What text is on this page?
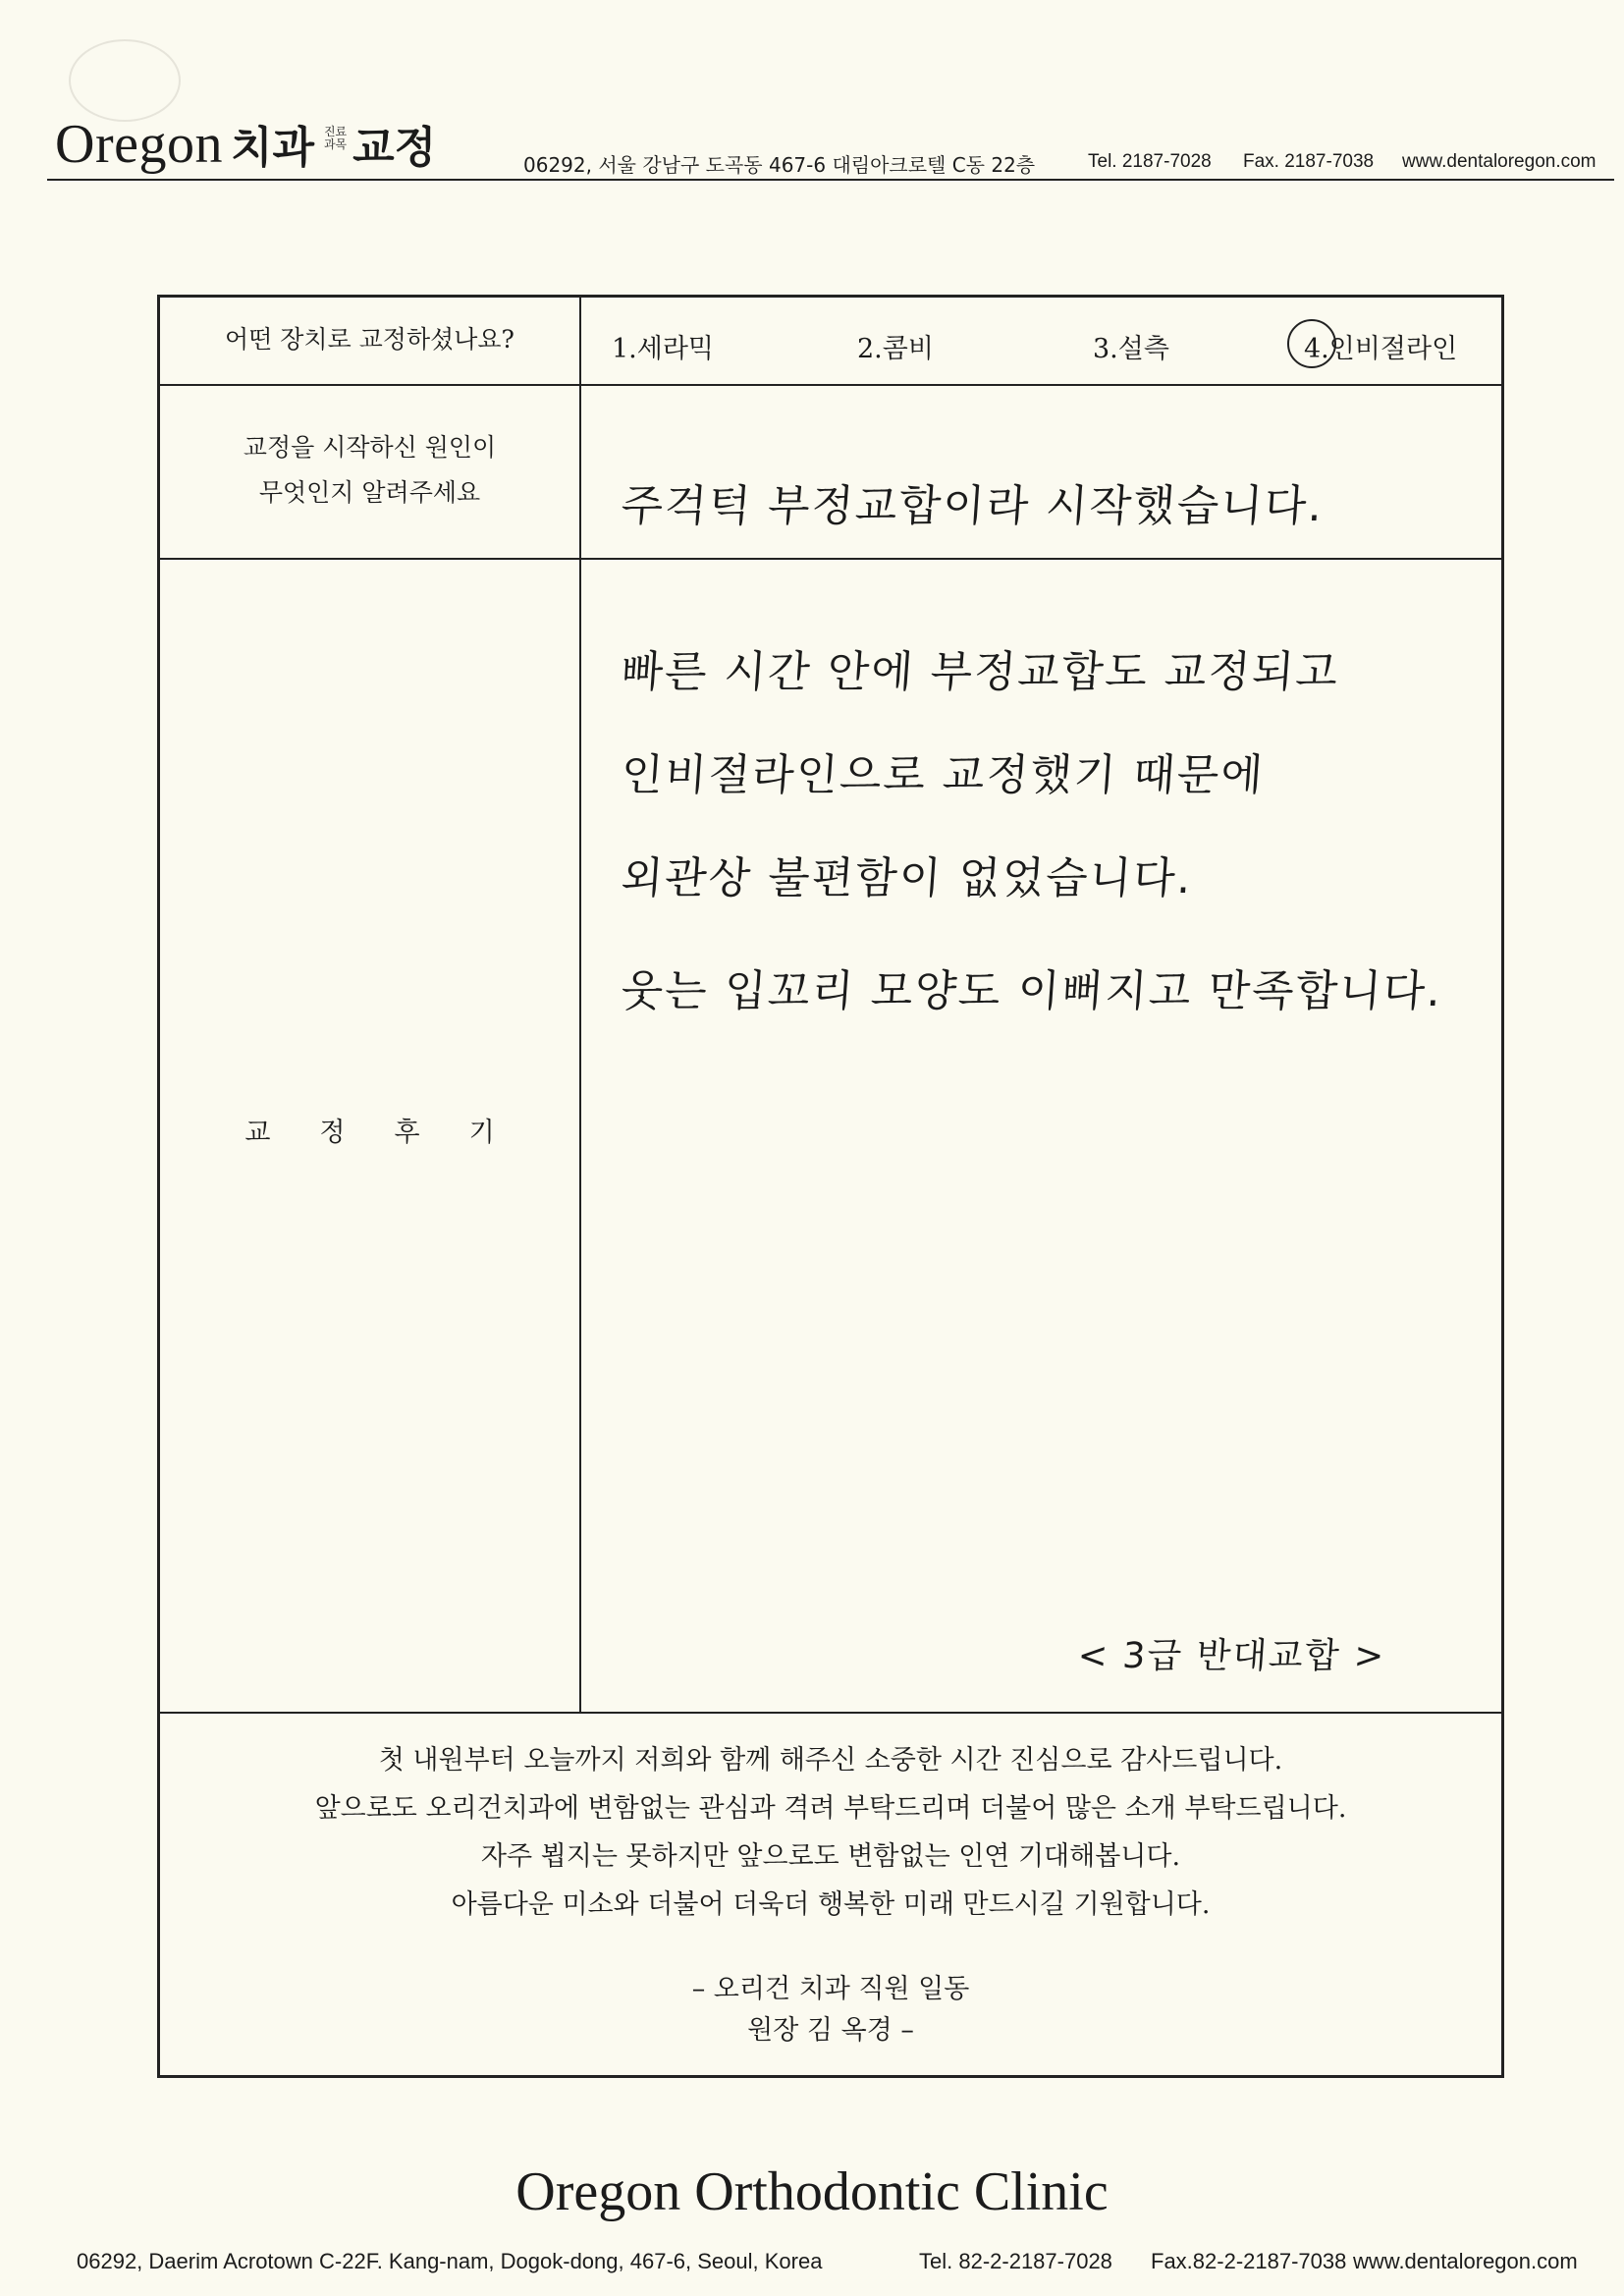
Oregon 치과 진료
과목 교정	06292, 서울 강남구 도곡동 467-6 대림아크로텔 C동 22층	Tel. 2187-7028 Fax. 2187-7038 www.dentaloregon.com
어떤 장치로 교정하셨나요?	1.세라믹	2.콤비	3.설측	4.인비절라인
교정을 시작하신 원인이
무엇인지 알려주세요	주걱턱 부정교합이라 시작했습니다.
교정후기
빠른 시간 안에 부정교합도 교정되고
인비절라인으로 교정했기 때문에
외관상 불편함이 없었습니다.
웃는 입꼬리 모양도 이뻐지고 만족합니다.
< 3급 반대교합 >
첫 내원부터 오늘까지 저희와 함께 해주신 소중한 시간 진심으로 감사드립니다.
앞으로도 오리건치과에 변함없는 관심과 격려 부탁드리며 더불어 많은 소개 부탁드립니다.
자주 뵙지는 못하지만 앞으로도 변함없는 인연 기대해봅니다.
아름다운 미소와 더불어 더욱더 행복한 미래 만드시길 기원합니다.
– 오리건 치과 직원 일동
원장 김 옥경 –
Oregon Orthodontic Clinic
06292, Daerim Acrotown C-22F. Kang-nam, Dogok-dong, 467-6, Seoul, Korea	Tel. 82-2-2187-7028 Fax.82-2-2187-7038 www.dentaloregon.com
